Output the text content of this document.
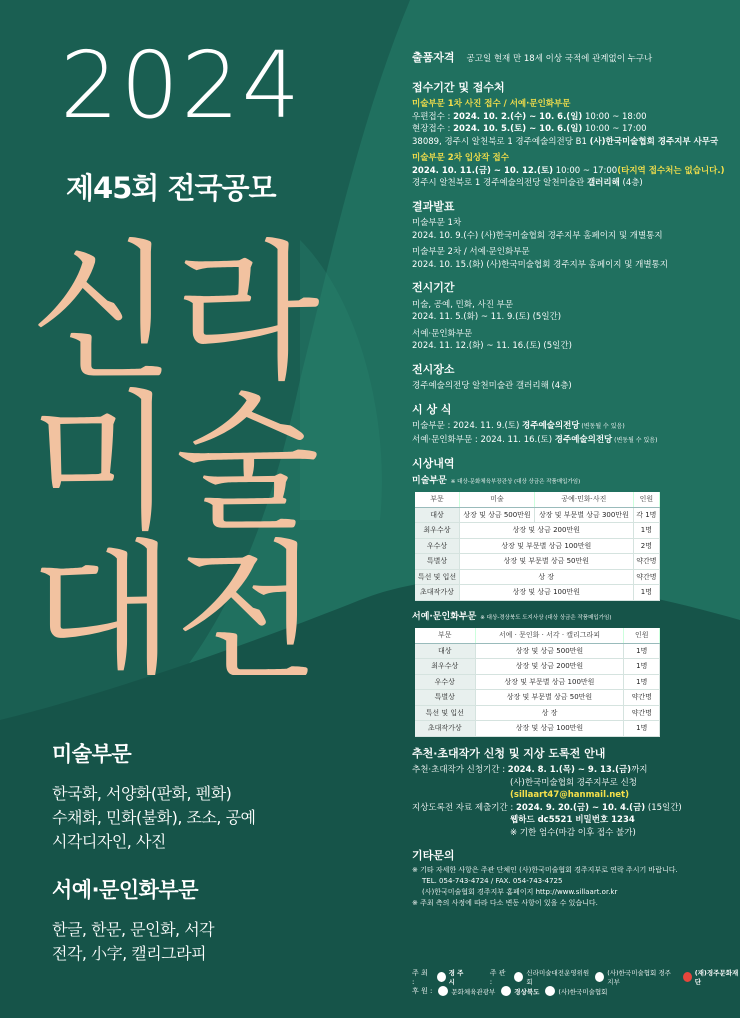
2024
제45회 전국공모
신라
미술
대전
미술부문
한국화, 서양화(판화, 펜화)
수채화, 민화(불화), 조소, 공예
시각디자인, 사진
서예·문인화부문
한글, 한문, 문인화, 서각
전각, 小字, 캘리그라피
출품자격 공고일 현재 만 18세 이상 국적에 관계없이 누구나
접수기간 및 접수처
미술부문 1차 사진 접수 / 서예·문인화부문
우편접수 : 2024. 10. 2.(수) ~ 10. 6.(일) 10:00 ~ 18:00
현장접수 : 2024. 10. 5.(토) ~ 10. 6.(일) 10:00 ~ 17:00
38089, 경주시 알천북로 1 경주예술의전당 B1 (사)한국미술협회 경주지부 사무국
미술부문 2차 입상작 접수
2024. 10. 11.(금) ~ 10. 12.(토) 10:00 ~ 17:00(타지역 접수처는 없습니다.)
경주시 알천북로 1 경주예술의전당 알천미술관 갤러리해 (4층)
결과발표
미술부문 1차
2024. 10. 9.(수) (사)한국미술협회 경주지부 홈페이지 및 개별통지
미술부문 2차 / 서예·문인화부문
2024. 10. 15.(화) (사)한국미술협회 경주지부 홈페이지 및 개별통지
전시기간
미술, 공예, 민화, 사진 부문
2024. 11. 5.(화) ~ 11. 9.(토) (5일간)
서예·문인화부문
2024. 11. 12.(화) ~ 11. 16.(토) (5일간)
전시장소
경주예술의전당 알천미술관 갤러리해 (4층)
시 상 식
미술부문 : 2024. 11. 9.(토) 경주예술의전당 (변동될 수 있음)
서예·문인화부문 : 2024. 11. 16.(토) 경주예술의전당 (변동될 수 있음)
시상내역
미술부문 ※ 대상-문화체육부장관상 (대상 상금은 작품매입가임)
부문	미술	공예·민화·사진	인원
대상	상장 및 상금 500만원	상장 및 부문별 상금 300만원	각 1명
최우수상	상장 및 상금 200만원		1명
우수상	상장 및 부문별 상금 100만원		2명
특별상	상장 및 부문별 상금 50만원		약간명
특선 및 입선	상 장		약간명
초대작가상	상장 및 상금 100만원		1명
서예·문인화부문 ※ 대상-경상북도 도지사상 (대상 상금은 작품매입가임)
부문	서예 · 문인화 · 서각 · 캘리그라피	인원
대상	상장 및 상금 500만원	1명
최우수상	상장 및 상금 200만원	1명
우수상	상장 및 부문별 상금 100만원	1명
특별상	상장 및 부문별 상금 50만원	약간명
특선 및 입선	상 장	약간명
초대작가상	상장 및 상금 100만원	1명
추천·초대작가 신청 및 지상 도록전 안내
추천·초대작가 신청기간 : 2024. 8. 1.(목) ~ 9. 13.(금)까지
(사)한국미술협회 경주지부로 신청 (sillaart47@hanmail.net)
지상도록전 자료 제출기간 : 2024. 9. 20.(금) ~ 10. 4.(금) (15일간)
웹하드 dc5521 비밀번호 1234
※ 기한 엄수(마감 이후 접수 불가)
기타문의
※ 기타 자세한 사항은 주관 단체인 (사)한국미술협회 경주지부로 연락 주시기 바랍니다.
TEL. 054-743-4724 / FAX. 054-743-4725
(사)한국미술협회 경주지부 홈페이지 http://www.sillaart.or.kr
※ 주최 측의 사정에 따라 다소 변동 사항이 있을 수 있습니다.
주 최 :
경 주 시
주 관 :
신라미술대전운영위원회
(사)한국미술협회 경주지부
(재)경주문화재단
후 원 :	문화체육관광부	경상북도	(사)한국미술협회
